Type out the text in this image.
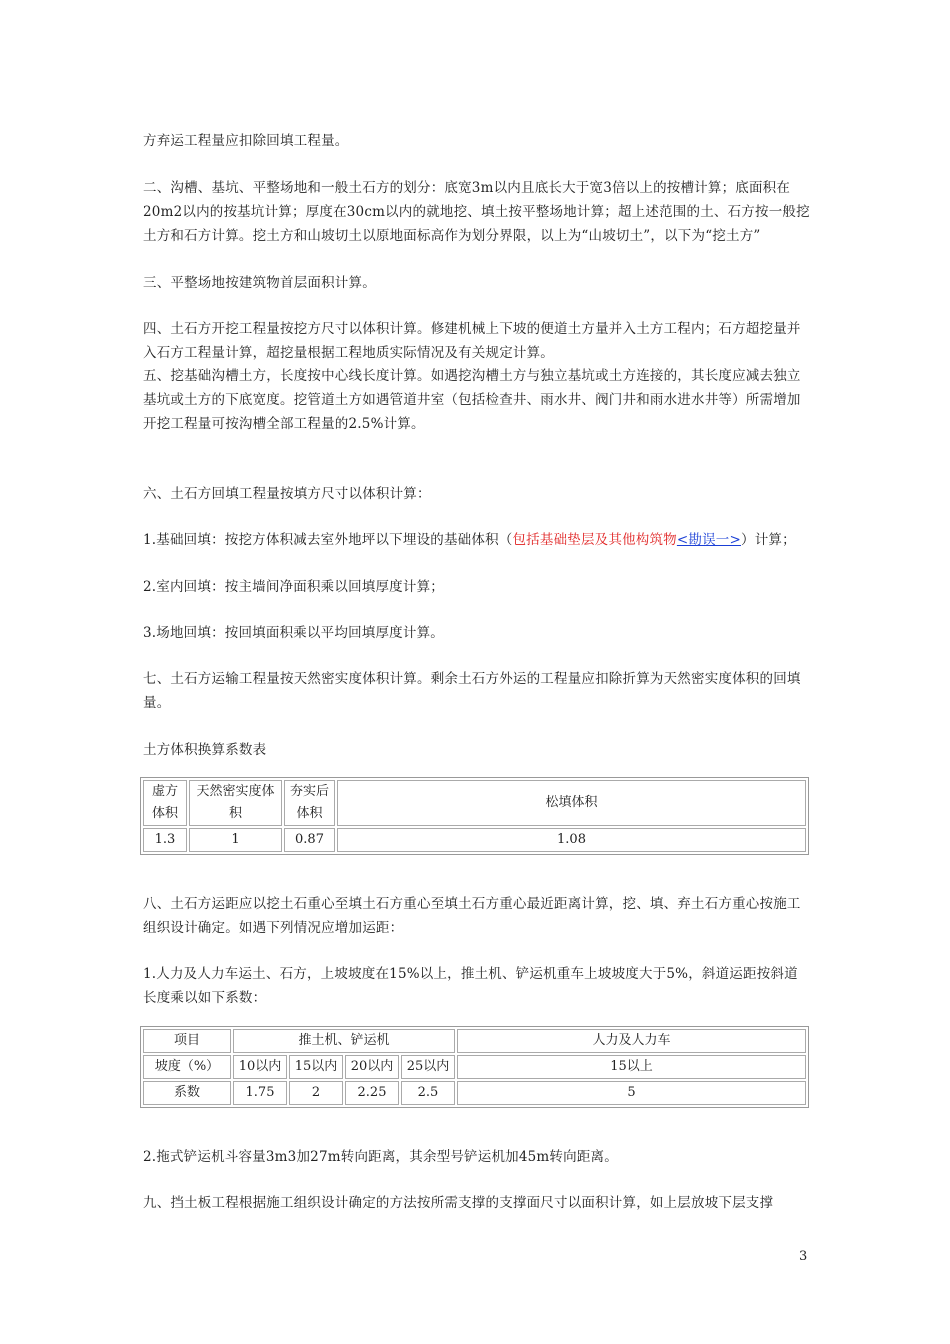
方弃运工程量应扣除回填工程量。

二、沟槽、基坑、平整场地和一般土石方的划分：底宽3m以内且底长大于宽3倍以上的按槽计算；底面积在20m2以内的按基坑计算；厚度在30cm以内的就地挖、填土按平整场地计算；超上述范围的土、石方按一般挖土方和石方计算。挖土方和山坡切土以原地面标高作为划分界限，以上为“山坡切土”，以下为“挖土方”

三、平整场地按建筑物首层面积计算。

四、土石方开挖工程量按挖方尺寸以体积计算。修建机械上下坡的便道土方量并入土方工程内；石方超挖量并入石方工程量计算，超挖量根据工程地质实际情况及有关规定计算。

五、挖基础沟槽土方，长度按中心线长度计算。如遇挖沟槽土方与独立基坑或土方连接的，其长度应减去独立基坑或土方的下底宽度。挖管道土方如遇管道井室（包括检查井、雨水井、阀门井和雨水进水井等）所需增加开挖工程量可按沟槽全部工程量的2.5%计算。

六、土石方回填工程量按填方尺寸以体积计算：

1.基础回填：按挖方体积减去室外地坪以下埋设的基础体积（包括基础垫层及其他构筑物<勘误一>）计算；

2.室内回填：按主墙间净面积乘以回填厚度计算；

3.场地回填：按回填面积乘以平均回填厚度计算。

七、土石方运输工程量按天然密实度体积计算。剩余土石方外运的工程量应扣除折算为天然密实度体积的回填量。

土方体积换算系数表

虚方体积	天然密实度体积	夯实后体积	松填体积
1.3	1	0.87	1.08

八、土石方运距应以挖土石重心至填土石方重心至填土石方重心最近距离计算，挖、填、弃土石方重心按施工组织设计确定。如遇下列情况应增加运距：

1.人力及人力车运土、石方，上坡坡度在15%以上，推土机、铲运机重车上坡坡度大于5%，斜道运距按斜道长度乘以如下系数：

项目	推土机、铲运机				人力及人力车
坡度（%）	10以内	15以内	20以内	25以内	15以上
系数	1.75	2	2.25	2.5	5

2.拖式铲运机斗容量3m3加27m转向距离，其余型号铲运机加45m转向距离。

九、挡土板工程根据施工组织设计确定的方法按所需支撑的支撑面尺寸以面积计算，如上层放坡下层支撑

3
